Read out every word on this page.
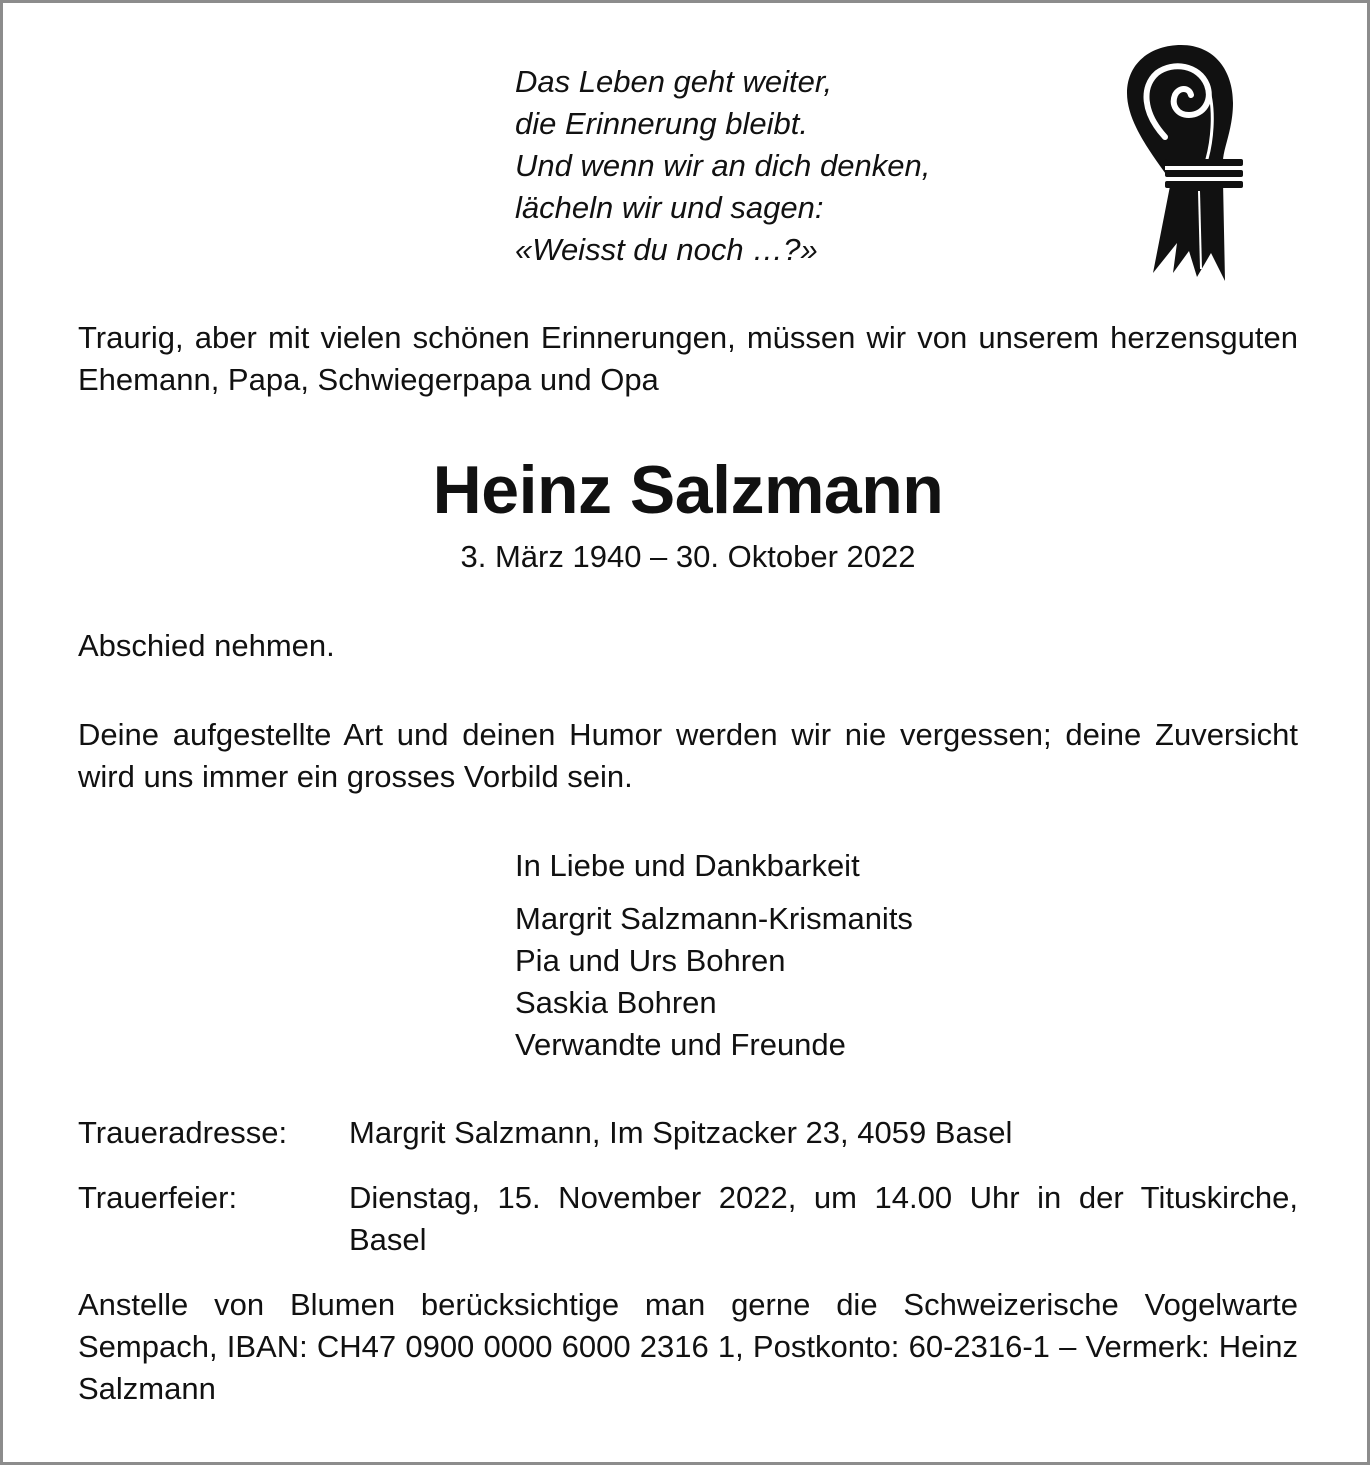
Das Leben geht weiter,
die Erinnerung bleibt.
Und wenn wir an dich denken,
lächeln wir und sagen:
«Weisst du noch …?»
Traurig, aber mit vielen schönen Erinnerungen, müssen wir von unserem herzensguten Ehemann, Papa, Schwiegerpapa und Opa
Heinz Salzmann
3. März 1940 – 30. Oktober 2022
Abschied nehmen.
Deine aufgestellte Art und deinen Humor werden wir nie vergessen; deine Zuversicht wird uns immer ein grosses Vorbild sein.
In Liebe und Dankbarkeit
Margrit Salzmann-Krismanits
Pia und Urs Bohren
Saskia Bohren
Verwandte und Freunde
Traueradresse: Margrit Salzmann, Im Spitzacker 23, 4059 Basel
Trauerfeier:	Dienstag, 15. November 2022, um 14.00 Uhr in der Tituskirche, Basel
Anstelle von Blumen berücksichtige man gerne die Schweizerische Vogelwarte Sempach, IBAN: CH47 0900 0000 6000 2316 1, Postkonto: 60-2316-1 – Vermerk: Heinz Salzmann
